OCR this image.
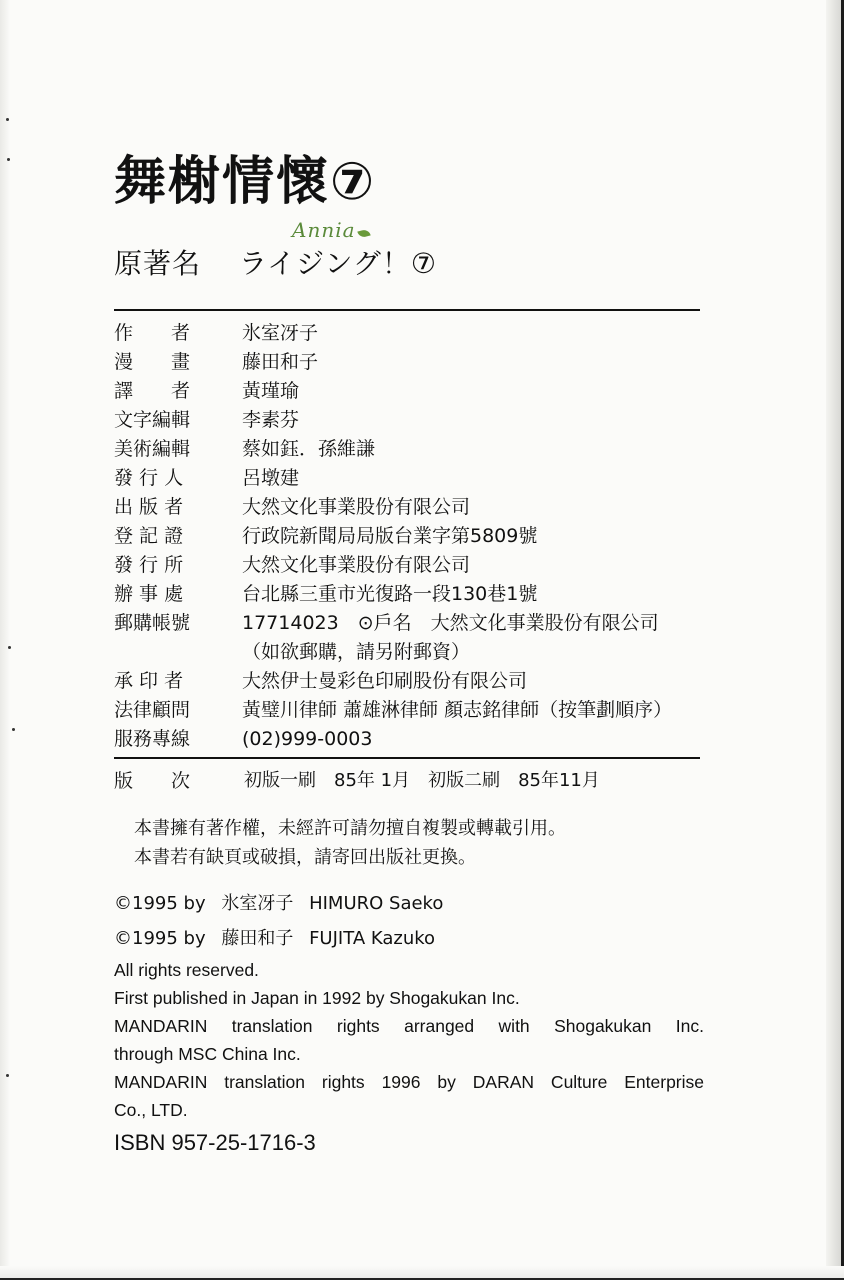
舞榭情懷⑦
Annia
原著名 ライジング！⑦
作　　者	氷室冴子
漫　　畫	藤田和子
譯　　者	黃瑾瑜
文字編輯	李素芬
美術編輯	蔡如鈺．孫維謙
發 行 人	呂墩建
出 版 者	大然文化事業股份有限公司
登 記 證	行政院新聞局局版台業字第5809號
發 行 所	大然文化事業股份有限公司
辦 事 處	台北縣三重市光復路一段130巷1號
郵購帳號	17714023　⊙戶名　大然文化事業股份有限公司
（如欲郵購，請另附郵資）
承 印 者	大然伊士曼彩色印刷股份有限公司
法律顧問	黃璧川律師 蕭雄淋律師 顏志銘律師（按筆劃順序）
服務專線	(02)999-0003
版　　次	初版一刷 85年 1月 初版二刷 85年11月
本書擁有著作權，未經許可請勿擅自複製或轉載引用。
本書若有缺頁或破損，請寄回出版社更換。
©1995 by 氷室冴子 HIMURO Saeko
©1995 by 藤田和子 FUJITA Kazuko
All rights reserved.
First published in Japan in 1992 by Shogakukan Inc.
MANDARIN translation rights arranged with Shogakukan Inc.
through MSC China Inc.
MANDARIN translation rights 1996 by DARAN Culture Enterprise
Co., LTD.
ISBN 957-25-1716-3
